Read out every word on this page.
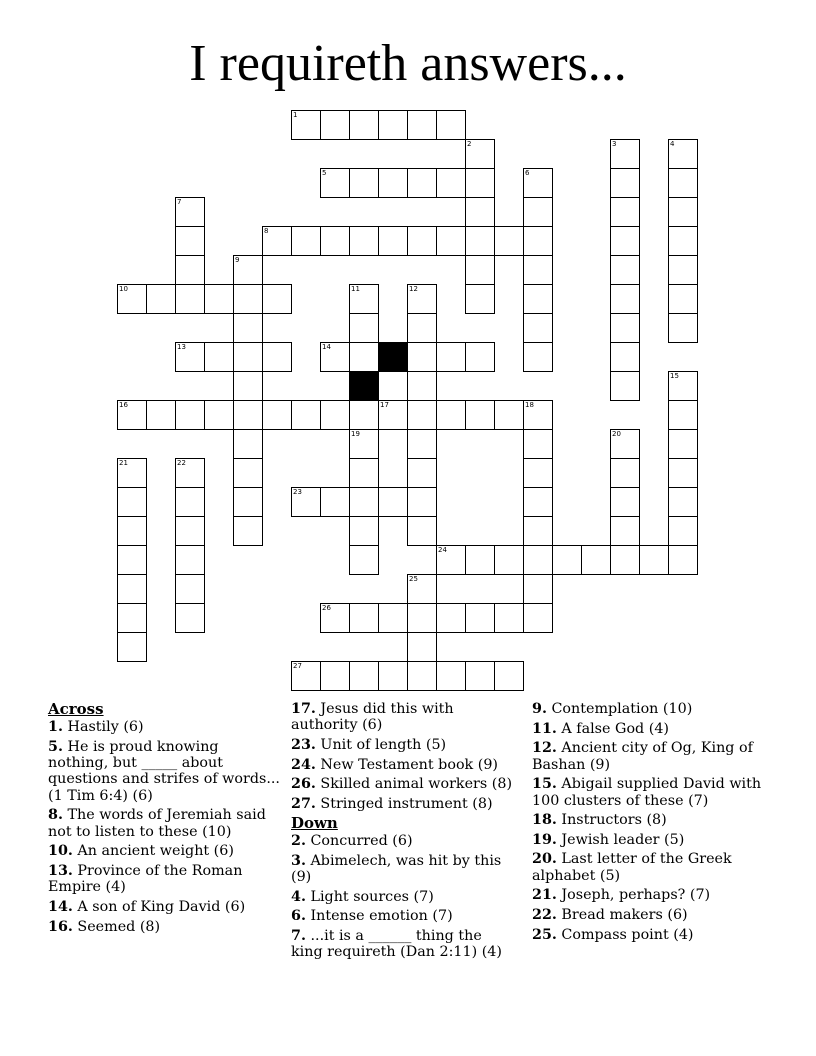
I requireth answers...
1
5
8
10
13	14
16	17	18
23
24
26
27
2	3	4
6
7
9
11	12
15
19	20
21	22
25
Across
1. Hastily (6)
5. He is proud knowing nothing, but _____ about questions and strifes of words... (1 Tim 6:4) (6)
8. The words of Jeremiah said not to listen to these (10)
10. An ancient weight (6)
13. Province of the Roman Empire (4)
14. A son of King David (6)
16. Seemed (8)
17. Jesus did this with authority (6)
23. Unit of length (5)
24. New Testament book (9)
26. Skilled animal workers (8)
27. Stringed instrument (8)
Down
2. Concurred (6)
3. Abimelech, was hit by this (9)
4. Light sources (7)
6. Intense emotion (7)
7. ...it is a ______ thing the king requireth (Dan 2:11) (4)
9. Contemplation (10)
11. A false God (4)
12. Ancient city of Og, King of Bashan (9)
15. Abigail supplied David with 100 clusters of these (7)
18. Instructors (8)
19. Jewish leader (5)
20. Last letter of the Greek alphabet (5)
21. Joseph, perhaps? (7)
22. Bread makers (6)
25. Compass point (4)
